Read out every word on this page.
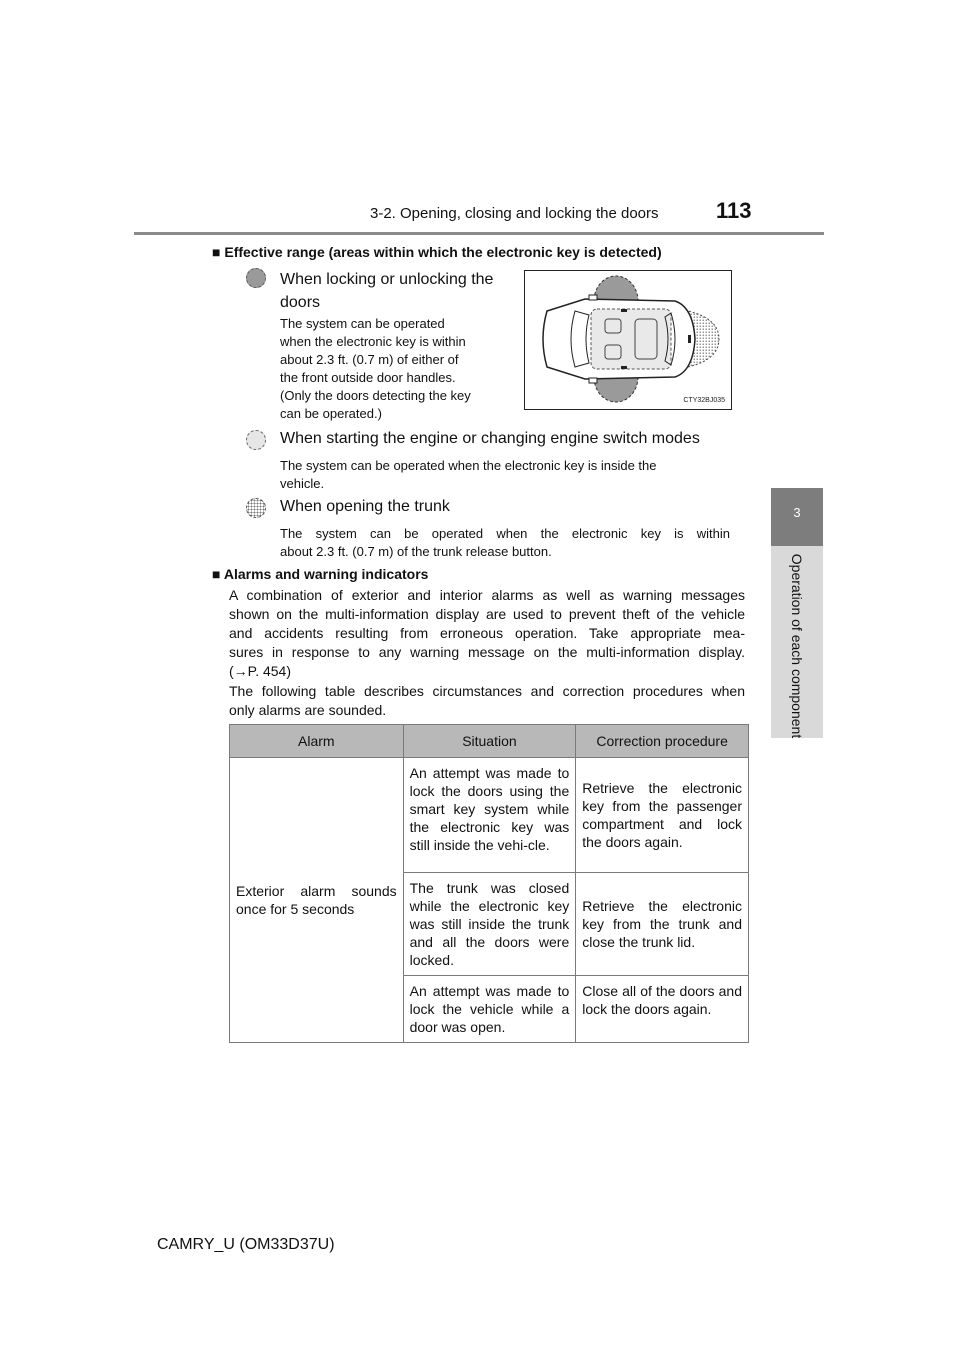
3-2. Opening, closing and locking the doors	113
3
Operation of each component
■ Effective range (areas within which the electronic key is detected)
When locking or unlocking the
doors
The system can be operated
when the electronic key is within
about 2.3 ft. (0.7 m) of either of
the front outside door handles.
(Only the doors detecting the key
can be operated.)
CTY32BJ035
When starting the engine or changing engine switch modes
The system can be operated when the electronic key is inside the
vehicle.
When opening the trunk
The system can be operated when the electronic key is within
about 2.3 ft. (0.7 m) of the trunk release button.
■ Alarms and warning indicators
A combination of exterior and interior alarms as well as warning messages
shown on the multi-information display are used to prevent theft of the vehicle
and accidents resulting from erroneous operation. Take appropriate mea-
sures in response to any warning message on the multi-information display.
(→P. 454)
The following table describes circumstances and correction procedures when
only alarms are sounded.
Alarm	Situation	Correction procedure
Exterior alarm sounds once for 5 seconds	An attempt was made to lock the doors using the smart key system while the electronic key was still inside the vehi-cle.	Retrieve the electronic key from the passenger compartment and lock the doors again.
	The trunk was closed while the electronic key was still inside the trunk and all the doors were locked.	Retrieve the electronic key from the trunk and close the trunk lid.
	An attempt was made to lock the vehicle while a door was open.	Close all of the doors and lock the doors again.
CAMRY_U (OM33D37U)
